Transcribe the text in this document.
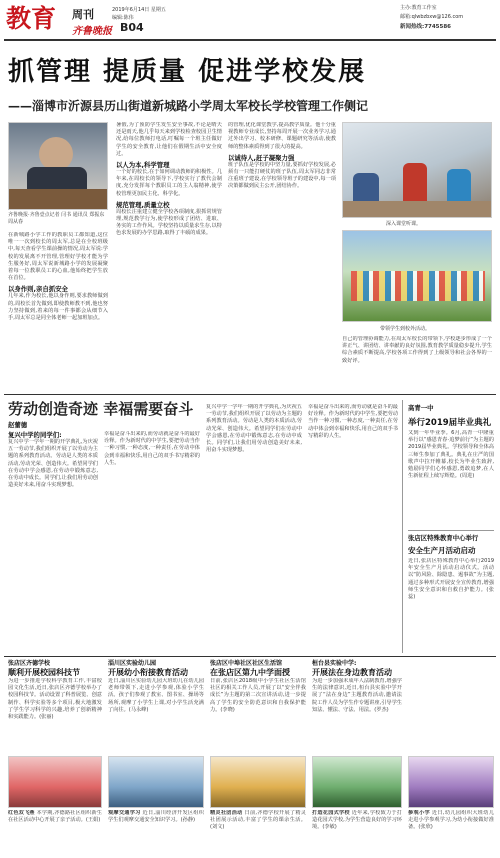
教育 周刊	2019年6月14日 星期五
编辑:陈伟
齐鲁晚报 B04
主办:教育工作室
邮箱:qlwbzbxw@126.com
新闻热线:7745586
抓管理 提质量 促进学校发展
——淄博市沂源县历山街道新城路小学周太军校长学校管理工作侧记
齐鲁晚报·齐鲁壹点记者 闫书 通讯员 郑振东 周从春
在新城路小学工作的教职员工都知道,这位唯一一次到校长的周太军,总是在全校班级中,每天查看学生课前操的情况,周太军说:学校的发展离不开管理,管理好学校才能为学生服务好,周太军说新城路小学的发展凝聚着每一位教职员工的心血,他始终把学生放在首位。
以身作则,亲自抓安全
几年来,作为校长,他以身作则,要求教师做到的,周校长首先做到,即使教师教不到,他也努力坚持做到,着来的每一件事都会从细节入手,周太军总是同全体老师一起加班加点。
暑假,为了预防学生发生安全事故,不论是晴天还是雨天,他几乎每天来到学校检查校园卫生情况,给每位教师打电话,叮嘱每一个班主任做好学生的安全教育,让他们在假期生活中安全度过。
以人为本,科学管理
一个好的校长,在于如何调动教师的积极性。几年来,在周校长的领导下,学校实行了教代会制度,充分发挥每个教职员工的主人翁精神,使学校管理更加民主化、科学化。
规范管理,质量立校
周校长注重建立健全学校各项制度,狠抓常规管理,规范教学行为,使学校形成了团结、进取、务实的工作作风。学校坚持以质量求生存,以特色求发展的办学思路,取得了丰硕的成果。
的管理,优化课堂教学,提高教学质量。他十分重视教师专业成长,坚持每周开展一次业务学习,通过外出学习、校本研修、课题研究等活动,使教师的整体素质得到了很大的提高。
以诚待人,赶子凝聚力强
班子队伍是学校的中坚力量,要抓好学校发展,必须有一只能打硬仗的班子队伍,周太军同志非常注重班子建设,在学校领导班子的建设中,每一项决策都做到民主公开,团结协作。
深入课堂听课。
带领学生到校外活动。
自己的管理协调能力,在周太军校长的带领下,学校逐步形成了一个讲正气、讲团结、讲奉献的良好氛围,教育教学质量稳步提升,学生综合素质不断提高,学校各项工作得到了上级领导和社会各界的一致好评。
劳动创造奇迹 幸福需要奋斗
赵蕾德
复兴中学的同学们:
复兴中学一学年一期的开学典礼,为庆祝五一劳动节,我们组织开展了以劳动为主题的系列教育活动。劳动是人类的本质活动,劳动光荣、创造伟大。希望同学们在劳动中学会感恩,在劳动中锻炼意志,在劳动中成长。同学们,让我们用劳动创造美好未来,用奋斗实现梦想。
幸福是奋斗出来的,而劳动就是奋斗的最好诠释。作为新时代的中学生,要把劳动当作一种习惯,一种态度,一种责任,在劳动中体会到幸福和快乐,用自己的双手书写精彩的人生。
复兴中学一学年一期的开学典礼,为庆祝五一劳动节,我们组织开展了以劳动为主题的系列教育活动。劳动是人类的本质活动,劳动光荣、创造伟大。希望同学们在劳动中学会感恩,在劳动中锻炼意志,在劳动中成长。同学们,让我们用劳动创造美好未来,用奋斗实现梦想。
幸福是奋斗出来的,而劳动就是奋斗的最好诠释。作为新时代的中学生,要把劳动当作一种习惯,一种态度,一种责任,在劳动中体会到幸福和快乐,用自己的双手书写精彩的人生。
高青一中
举行2019届毕业典礼
又到一年毕业季。6月,高青一中隆重举行以“感恩青春·追梦前行”为主题的2019届毕业典礼。学校领导和全体高三师生参加了典礼。典礼在庄严的国歌声中拉开帷幕,校长为毕业生致辞,勉励同学们心怀感恩,勇敢追梦,在人生新征程上续写辉煌。(周进)
张店区特殊教育中心举行
安全生产月活动启动
近日,张店区特殊教育中心举行2019年安全生产月活动启动仪式。活动以“防风险、除隐患、遏事故”为主题,通过多种形式开展安全宣传教育,增强师生安全意识和自救自护能力。(张蕊)
张店区齐德学校
顺利开展校园科技节
为进一步推进学校科学教育工作,丰富校园文化生活,近日,张店区齐德学校举办了校园科技节。活动设置了科普展览、创意制作、科学实验等多个项目,极大地激发了学生学习科学的兴趣,培养了创新精神和实践能力。(张丽)
淄川区实验幼儿园
开展幼小衔接教育活动
近日,淄川区实验幼儿园大班幼儿在幼儿园老师带领下,走进小学参观,体验小学生活。孩子们参观了教室、图书室、操场等场所,观摩了小学生上课,对小学生活充满了向往。(马永峰)
张店区中埠社区社区生活馆
在张店区第九中学面授
日前,张店区2018级中小学生社区生活馆社区的相关工作人员,开展了以“安全伴我成长”为主题的第二次宣讲活动,进一步提高了学生的安全防范意识和自我保护能力。(李晓)
桓台县实验中学:
开展法在身边教育活动
为进一步加强未成年人法制教育,增强学生的法律意识,近日,桓台县实验中学开展了“法在身边”主题教育活动,邀请法院工作人员为学生作专题讲座,引导学生知法、懂法、守法、用法。(罗杰)
红色双飞燕 本学期,齐德路社区组织新生在社区活动中心开展了亲子活动。(王娟)
观摩交通学习 近日,淄川经济开发区组织学生们观摩交通安全知识学习。(孙静)
精灵社团活动 日前,齐德学校开展了精灵社团展示活动,丰富了学生的课余生活。(刘文)
打造花园式学校 近年来,学校致力于打造花园式学校,为学生营造良好的学习环境。(李敏)
参观小学 近日,幼儿园组织大班幼儿走进小学参观学习,为幼小衔接做好准备。(张欣)
